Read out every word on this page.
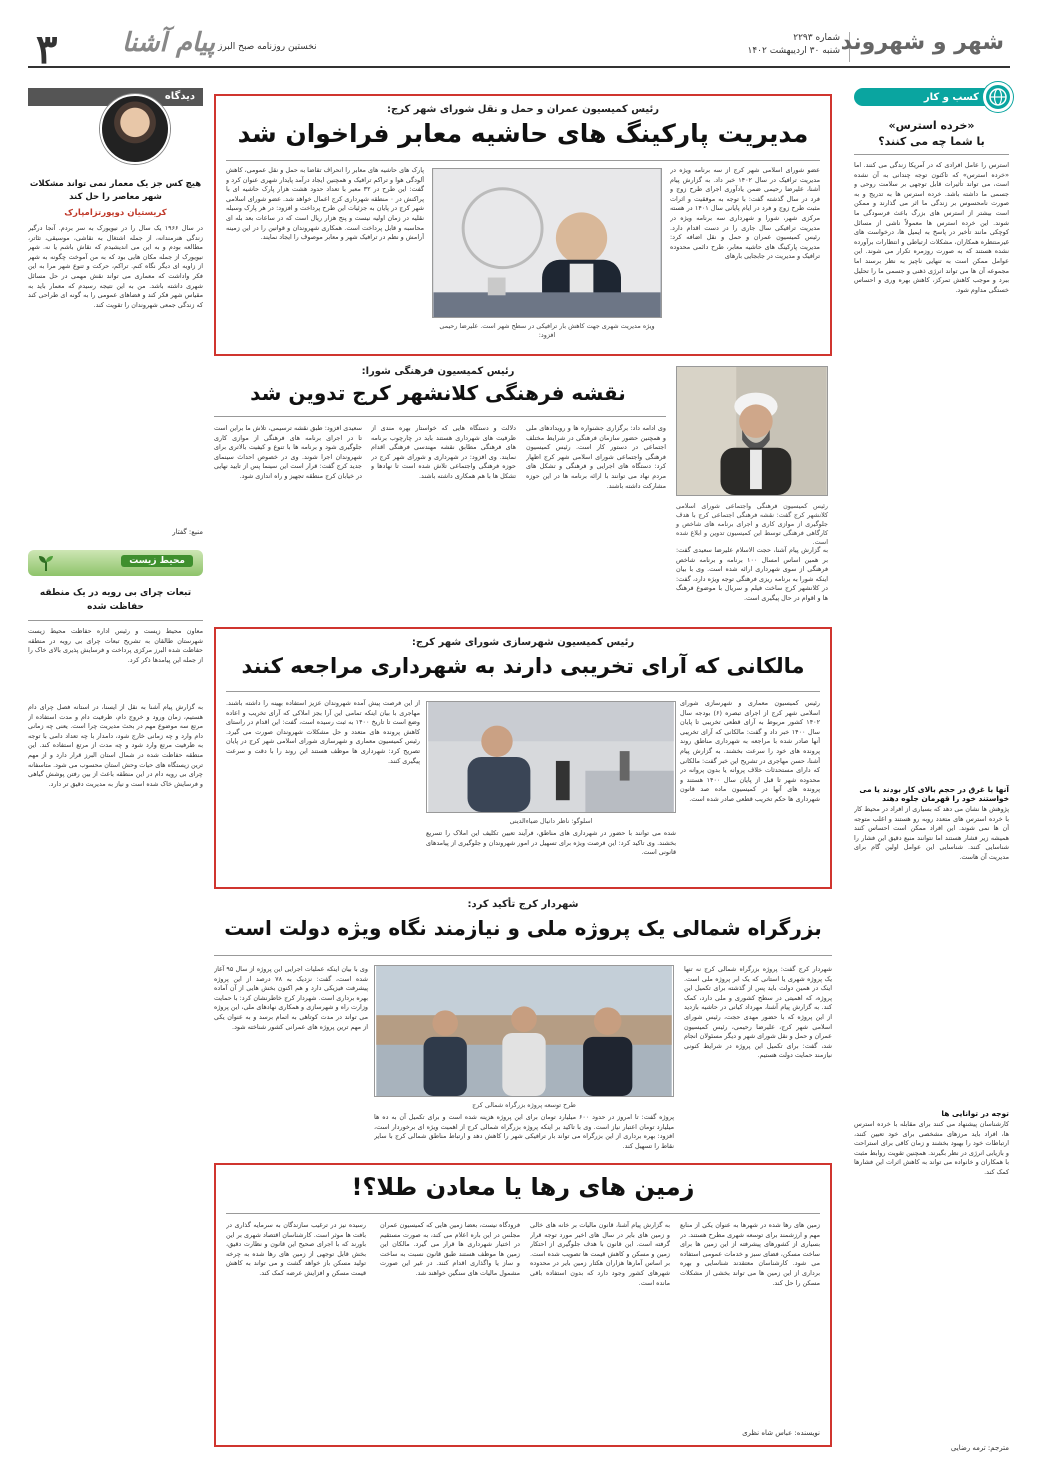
۳ پیام آشنا نخستین روزنامه صبح البرز
شماره ۲۲۹۳
شنبه ۳۰ اردیبهشت ۱۴۰۲ شهر و شهروند
کسب و کار
«خرده استرس»
با شما چه می کنند؟
استرس را عامل افرادی که در آمریکا زندگی می کنند. اما «خرده استرس» که تاکنون توجه چندانی به آن نشده است، می تواند تأثیرات قابل توجهی بر سلامت روحی و جسمی ما داشته باشد. خرده استرس ها به تدریج و به صورت نامحسوس بر زندگی ما اثر می گذارند و ممکن است بیشتر از استرس های بزرگ باعث فرسودگی ما شوند. این خرده استرس ها معمولاً ناشی از مسائل کوچکی مانند تأخیر در پاسخ به ایمیل ها، درخواست های غیرمنتظره همکاران، مشکلات ارتباطی و انتظارات برآورده نشده هستند که به صورت روزمره تکرار می شوند. این عوامل ممکن است به تنهایی ناچیز به نظر برسند اما مجموعه آن ها می تواند انرژی ذهنی و جسمی ما را تحلیل ببرد و موجب کاهش تمرکز، کاهش بهره وری و احساس خستگی مداوم شود.
آنها با غرق در حجم بالای کار بودند یا می خواستند خود را قهرمان جلوه دهند
پژوهش ها نشان می دهد که بسیاری از افراد در محیط کار با خرده استرس های متعدد روبه رو هستند و اغلب متوجه آن ها نمی شوند. این افراد ممکن است احساس کنند همیشه زیر فشار هستند اما نتوانند منبع دقیق این فشار را شناسایی کنند. شناسایی این عوامل اولین گام برای مدیریت آن هاست.
توجه در توانایی ها
کارشناسان پیشنهاد می کنند برای مقابله با خرده استرس ها، افراد باید مرزهای مشخصی برای خود تعیین کنند، ارتباطات خود را بهبود بخشند و زمان کافی برای استراحت و بازیابی انرژی در نظر بگیرند. همچنین تقویت روابط مثبت با همکاران و خانواده می تواند به کاهش اثرات این فشارها کمک کند.
مترجم: ترمه رضایی
دیدگاه
هیچ کس جز یک معمار نمی تواند مشکلات شهر معاصر را حل کند
کریستیان دوپورتزامپارک
در سال ۱۹۶۶ یک سال را در نیویورک به سر بردم. آنجا درگیر زندگی هنرمندانه، از جمله اشتغال به نقاشی، موسیقی، تئاتر، مطالعه بودم و به این می اندیشیدم که نقاش باشم یا نه. شهر نیویورک از جمله مکان هایی بود که به من آموخت چگونه به شهر از زاویه ای دیگر نگاه کنم. تراکم، حرکت و تنوع شهر مرا به این فکر واداشت که معماری می تواند نقش مهمی در حل مسائل شهری داشته باشد. من به این نتیجه رسیدم که معمار باید به مقیاس شهر فکر کند و فضاهای عمومی را به گونه ای طراحی کند که زندگی جمعی شهروندان را تقویت کند.
منبع: گفتار
محیط زیست
تبعات چرای بی رویه در یک منطقه حفاظت شده
معاون محیط زیست و رئیس اداره حفاظت محیط زیست شهرستان طالقان به تشریح تبعات چرای بی رویه در منطقه حفاظت شده البرز مرکزی پرداخت و فرسایش پذیری بالای خاک را از جمله این پیامدها ذکر کرد.
به گزارش پیام آشنا به نقل از ایسنا، در استانه فصل چرای دام هستیم، زمان ورود و خروج دام، ظرفیت دام و مدت استفاده از مرتع سه موضوع مهم در بحث مدیریت چرا است. یعنی چه زمانی دام وارد و چه زمانی خارج شود، دامدار با چه تعداد دامی با توجه به ظرفیت مرتع وارد شود و چه مدت از مرتع استفاده کند. این منطقه حفاظت شده در شمال استان البرز قرار دارد و از مهم ترین زیستگاه های حیات وحش استان محسوب می شود. متاسفانه چرای بی رویه دام در این منطقه باعث از بین رفتن پوشش گیاهی و فرسایش خاک شده است و نیاز به مدیریت دقیق تر دارد.
رئیس کمیسیون عمران و حمل و نقل شورای شهر کرج:
مدیریت پارکینگ های حاشیه معابر فراخوان شد
عضو شورای اسلامی شهر کرج از سه برنامه ویژه در مدیریت ترافیک در سال ۱۴۰۲ خبر داد. به گزارش پیام آشنا، علیرضا رحیمی ضمن یادآوری اجرای طرح زوج و فرد در سال گذشته گفت: با توجه به موفقیت و اثرات مثبت طرح زوج و فرد در ایام پایانی سال ۱۴۰۱ در هسته مرکزی شهر، شورا و شهرداری سه برنامه ویژه در مدیریت ترافیکی سال جاری را در دست اقدام دارد. رئیس کمیسیون عمران و حمل و نقل اضافه کرد: مدیریت پارکینگ های حاشیه معابر، طرح دائمی محدوده ترافیک و مدیریت در جابجایی بارهای
ویژه مدیریت شهری جهت کاهش بار ترافیکی در سطح شهر است. علیرضا رحیمی افزود:
پارک های حاشیه های معابر را انحراف تقاضا به حمل و نقل عمومی، کاهش آلودگی هوا و تراکم ترافیک و همچنین ایجاد درآمد پایدار شهری عنوان کرد و گفت: این طرح در ۳۲ معبر با تعداد حدود هشت هزار پارک حاشیه ای با پراکنش در ۰ منطقه شهرداری کرج اعمال خواهد شد. عضو شورای اسلامی شهر کرج در پایان به جزئیات این طرح پرداخت و افزود: در هر پارک وسیله نقلیه در زمان اولیه نیست و پنج هزار ریال است که در ساعات بعد بله ای محاسبه و قابل پرداخت است. همکاری شهروندان و قوانین را در این زمینه آرامش و نظم در ترافیک شهر و معابر موصوف را ایجاد نمایند.
رئیس کمیسیون فرهنگی شورا:
نقشه فرهنگی کلانشهر کرج تدوین شد
رئیس کمیسیون فرهنگی واجتماعی شورای اسلامی کلانشهر کرج گفت: نقشه فرهنگی اجتماعی کرج با هدف جلوگیری از موازی کاری و اجرای برنامه های شاخص و کارگاهی فرهنگی توسط این کمیسیون تدوین و ابلاغ شده است.
به گزارش پیام آشنا، حجت الاسلام علیرضا سعیدی گفت: بر همین اساس امسال ۱۰۰ برنامه و برنامه شاخص فرهنگی از سوی شهرداری ارائه شده است. وی با بیان اینکه شورا به برنامه ریزی فرهنگی توجه ویژه دارد، گفت: در کلانشهر کرج ساخت فیلم و سریال با موضوع فرهنگ ها و اقوام در حال پیگیری است.
وی ادامه داد: برگزاری جشنواره ها و رویدادهای ملی و همچنین حضور سازمان فرهنگی در شرایط مختلف اجتماعی در دستور کار است. رئیس کمیسیون فرهنگی واجتماعی شورای اسلامی شهر کرج اظهار کرد: دستگاه های اجرایی و فرهنگی و تشکل های مردم نهاد می توانند با ارائه برنامه ها در این حوزه مشارکت داشته باشند.
دلالت و دستگاه هایی که خواستار بهره مندی از ظرفیت های شهرداری هستند باید در چارچوب برنامه های فرهنگی مطابق نقشه مهندسی فرهنگی اقدام نمایند. وی افزود: در شهرداری و شورای شهر کرج در حوزه فرهنگی واجتماعی تلاش شده است تا نهادها و تشکل ها با هم همکاری داشته باشند.
سعیدی افزود: طبق نقشه ترسیمی، تلاش ما براین است تا در اجرای برنامه های فرهنگی از موازی کاری جلوگیری شود و برنامه ها با تنوع و کیفیت بالاتری برای شهروندان اجرا شوند. وی در خصوص احداث سینمای جدید کرج گفت: قرار است این سینما پس از تایید نهایی در خیابان کرج منطقه تجهیز و راه اندازی شود.
رئیس کمیسیون شهرسازی شورای شهر کرج:
مالکانی که آرای تخریبی دارند به شهرداری مراجعه کنند
رئیس کمیسیون معماری و شهرسازی شورای اسلامی شهر کرج از اجرای تبصره (۶) بودجه سال ۱۴۰۲ کشور مربوط به آرای قطعی تخریبی تا پایان سال ۱۴۰۰ خبر داد و گفت: مالکانی که آرای تخریبی آنها صادر شده با مراجعه به شهرداری مناطق روند پرونده های خود را سرعت بخشند. به گزارش پیام آشنا، حسن مهاجری در تشریح این خبر گفت: مالکانی که دارای مستحدثات خلاف پروانه یا بدون پروانه در محدوده شهر تا قبل از پایان سال ۱۴۰۰ هستند و پرونده های آنها در کمیسیون ماده صد قانون شهرداری ها حکم تخریب قطعی صادر شده است.
اسلوگو: ناظر دانیال ضیاءالدینی
شده می توانند با حضور در شهرداری های مناطق، فرآیند تعیین تکلیف این املاک را تسریع بخشند. وی تاکید کرد: این فرصت ویژه برای تسهیل در امور شهروندان و جلوگیری از پیامدهای قانونی است.
از این فرصت پیش آمده شهروندان عزیز استفاده بهینه را داشته باشند. مهاجری با بیان اینکه تمامی این آرا بجز املاکی که آرای تخریب و اعاده وضع است تا تاریخ ۱۴۰۰ به ثبت رسیده است، گفت: این اقدام در راستای کاهش پرونده های متعدد و حل مشکلات شهروندان صورت می گیرد. رئیس کمیسیون معماری و شهرسازی شورای اسلامی شهر کرج در پایان تصریح کرد: شهرداری ها موظف هستند این روند را با دقت و سرعت پیگیری کنند.
شهردار کرج تأکید کرد:
بزرگراه شمالی یک پروژه ملی و نیازمند نگاه ویژه دولت است
شهردار کرج گفت: پروژه بزرگراه شمالی کرج نه تنها یک پروژه شهری یا استانی که یک ابر پروژه ملی است. اینک در همین دولت باید پس از گذشته برای تکمیل این پروژه، که اهمیتی در سطح کشوری و ملی دارد، کمک کند. به گزارش پیام آشنا، مهرداد کیانی در حاشیه بازدید از این پروژه که با حضور مهدی حجت، رئیس شورای اسلامی شهر کرج، علیرضا رحیمی، رئیس کمیسیون عمران و حمل و نقل شورای شهر و دیگر مسئولان انجام شد، گفت: برای تکمیل این پروژه در شرایط کنونی نیازمند حمایت دولت هستیم.
طرح توسعه پروژه بزرگراه شمالی کرج
پروژه گفت: تا امروز در حدود ۶۰۰ میلیارد تومان برای این پروژه هزینه شده است و برای تکمیل آن به ده ها میلیارد تومان اعتبار نیاز است. وی با تاکید بر اینکه پروژه بزرگراه شمالی کرج از اهمیت ویژه ای برخوردار است، افزود: بهره برداری از این بزرگراه می تواند بار ترافیکی شهر را کاهش دهد و ارتباط مناطق شمالی کرج با سایر نقاط را تسهیل کند.
وی با بیان اینکه عملیات اجرایی این پروژه از سال ۹۵ آغاز شده است، گفت: نزدیک به ۷۸ درصد از این پروژه پیشرفت فیزیکی دارد و هم اکنون بخش هایی از آن آماده بهره برداری است. شهردار کرج خاطرنشان کرد: با حمایت وزارت راه و شهرسازی و همکاری نهادهای ملی، این پروژه می تواند در مدت کوتاهی به اتمام برسد و به عنوان یکی از مهم ترین پروژه های عمرانی کشور شناخته شود.
زمین های رها یا معادن طلا؟!
زمین های رها شده در شهرها به عنوان یکی از منابع مهم و ارزشمند برای توسعه شهری مطرح هستند. در بسیاری از کشورهای پیشرفته از این زمین ها برای ساخت مسکن، فضای سبز و خدمات عمومی استفاده می شود. کارشناسان معتقدند شناسایی و بهره برداری از این زمین ها می تواند بخشی از مشکلات مسکن را حل کند.
به گزارش پیام آشنا، قانون مالیات بر خانه های خالی و زمین های بایر در سال های اخیر مورد توجه قرار گرفته است. این قانون با هدف جلوگیری از احتکار زمین و مسکن و کاهش قیمت ها تصویب شده است. بر اساس آمارها هزاران هکتار زمین بایر در محدوده شهرهای کشور وجود دارد که بدون استفاده باقی مانده است.
فرودگاه نیست، بعضا زمین هایی که کمیسیون عمران مجلس در این باره اعلام می کند، به صورت مستقیم در اختیار شهرداری ها قرار می گیرد. مالکان این زمین ها موظف هستند طبق قانون نسبت به ساخت و ساز یا واگذاری اقدام کنند. در غیر این صورت مشمول مالیات های سنگین خواهند شد.
رسیده نیز در ترغیب سازندگان به سرمایه گذاری در بافت ها موثر است. کارشناسان اقتصاد شهری بر این باورند که با اجرای صحیح این قانون و نظارت دقیق، بخش قابل توجهی از زمین های رها شده به چرخه تولید مسکن باز خواهد گشت و می تواند به کاهش قیمت مسکن و افزایش عرضه کمک کند.
نویسنده: عباس شاه نظری
